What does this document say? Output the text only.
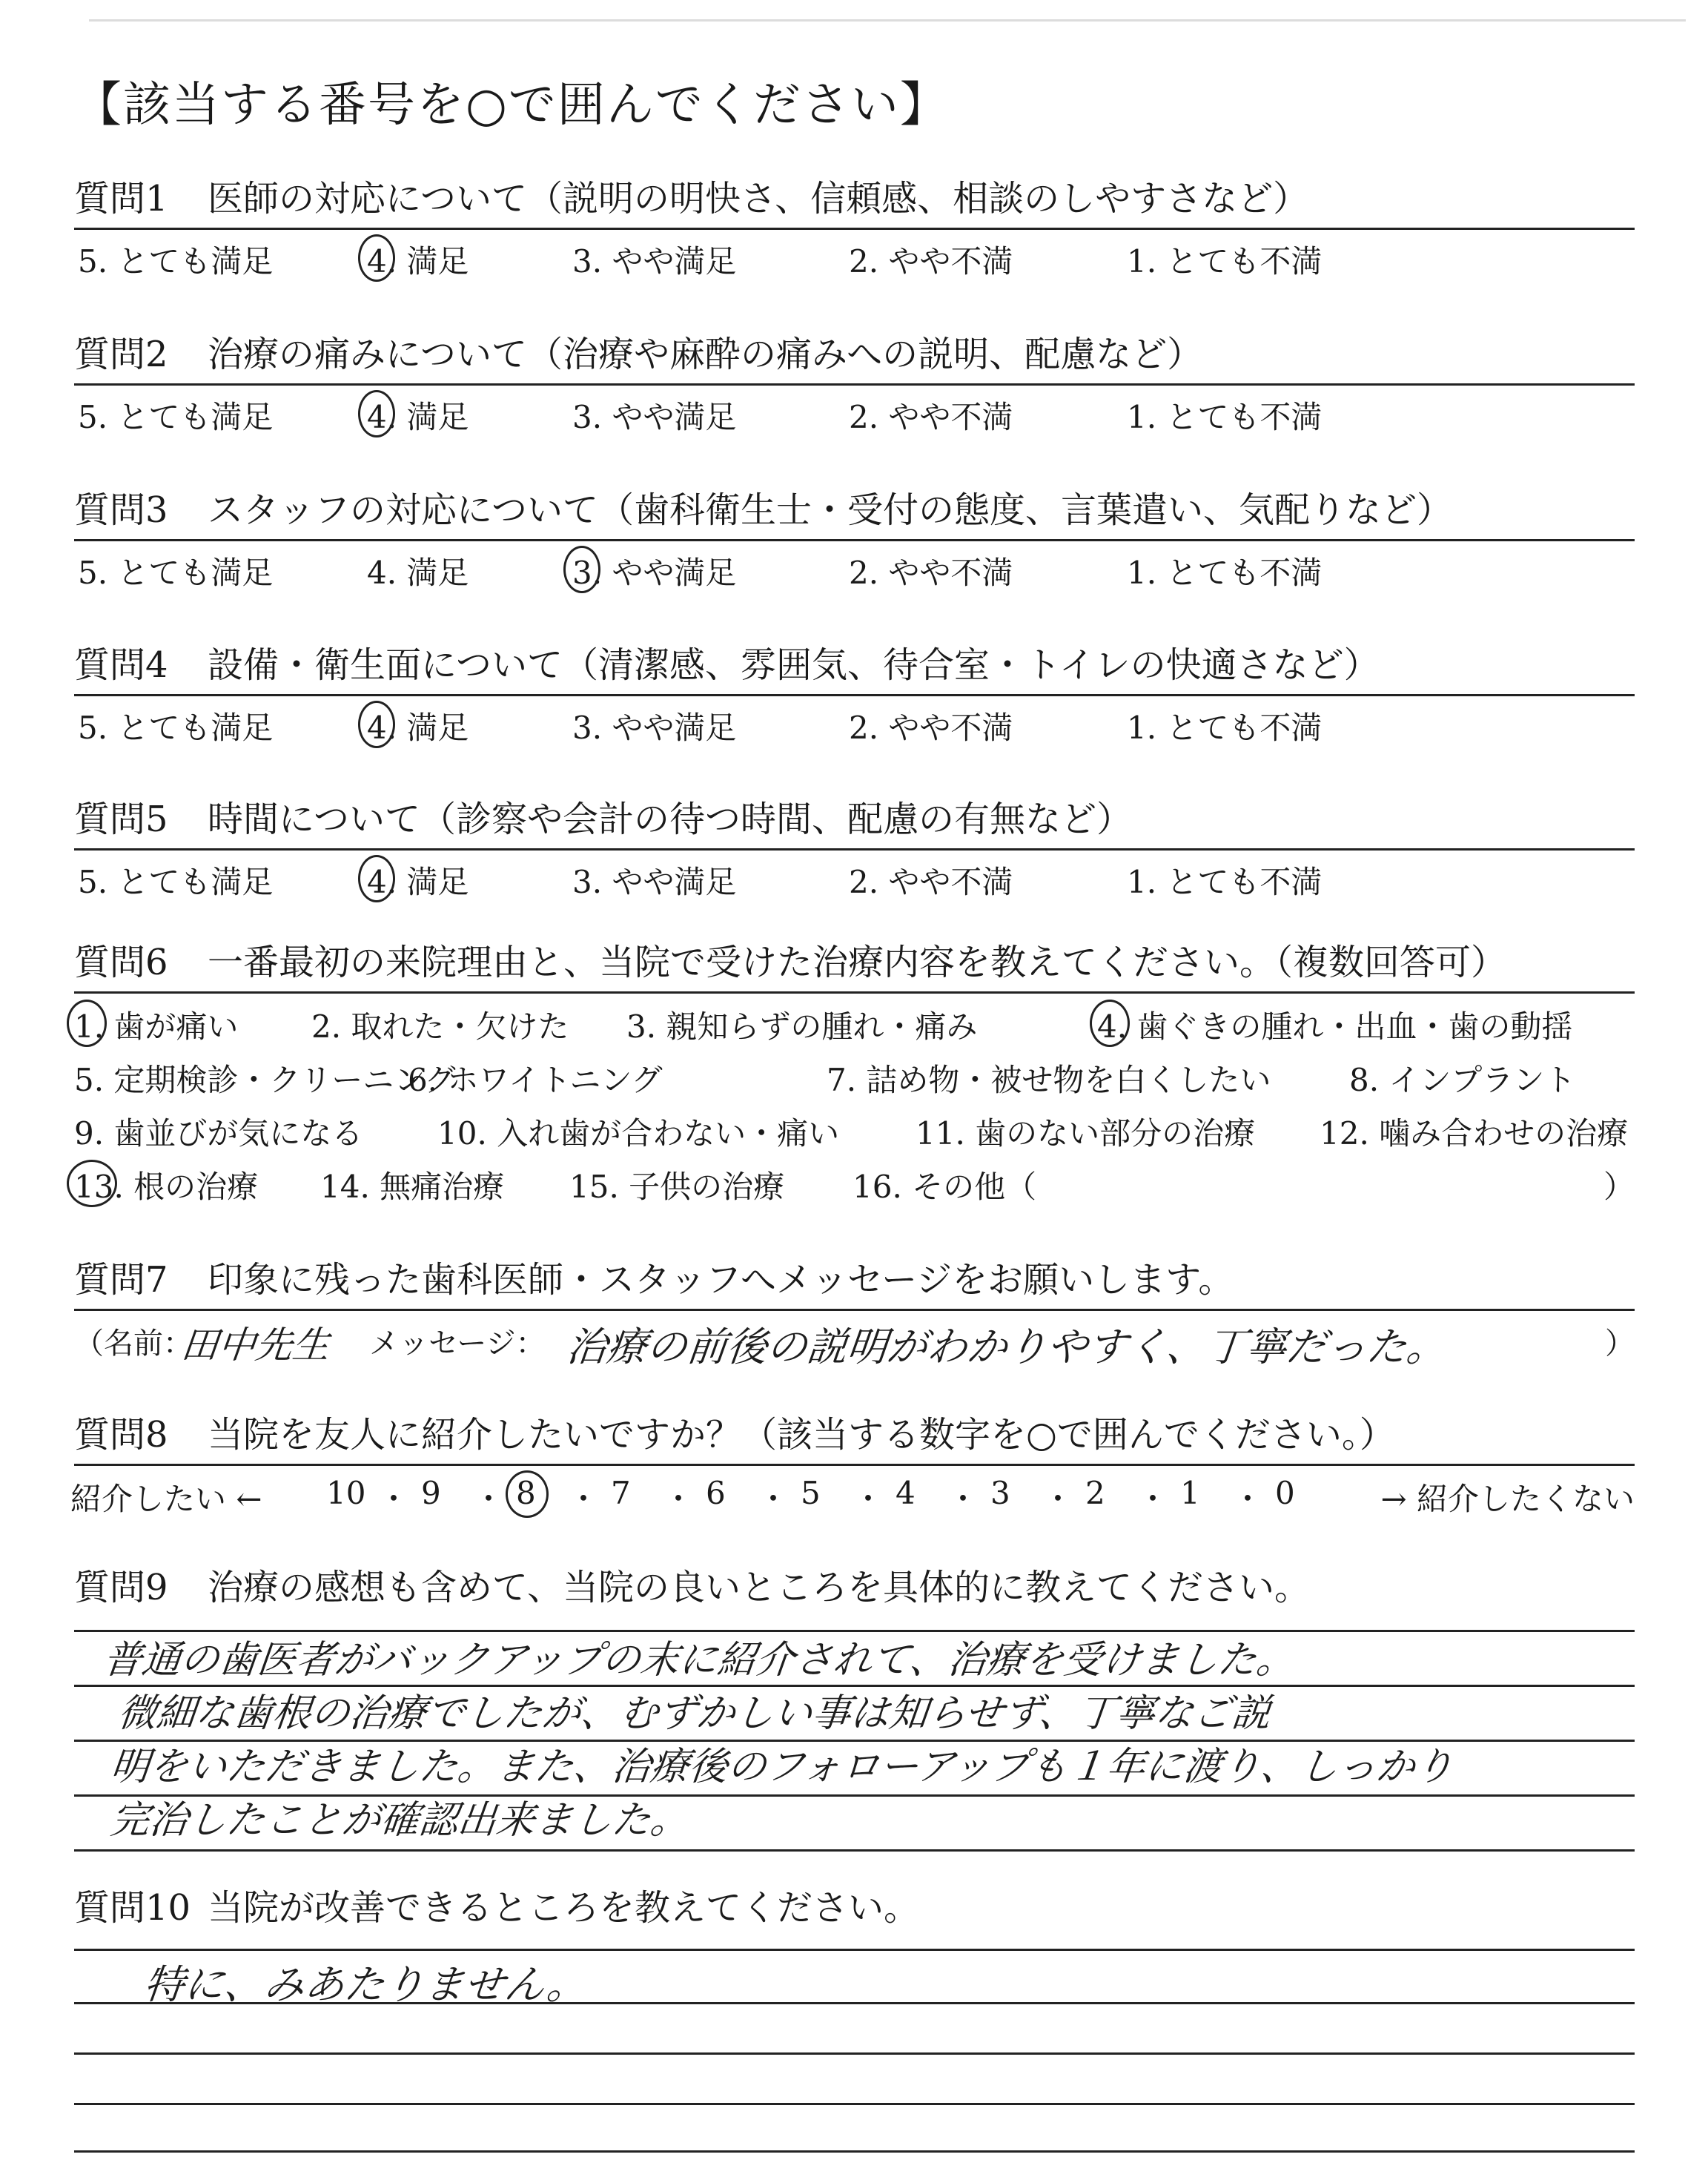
【該当する番号を○で囲んでください】
質問1 医師の対応について（説明の明快さ、信頼感、相談のしやすさなど）
5. とても満足	4. 満足	3. やや満足	2. やや不満	1. とても不満
質問2 治療の痛みについて（治療や麻酔の痛みへの説明、配慮など）
5. とても満足	4. 満足	3. やや満足	2. やや不満	1. とても不満
質問3 スタッフの対応について（歯科衛生士・受付の態度、言葉遣い、気配りなど）
5. とても満足	4. 満足	3. やや満足	2. やや不満	1. とても不満
質問4 設備・衛生面について（清潔感、雰囲気、待合室・トイレの快適さなど）
5. とても満足	4. 満足	3. やや満足	2. やや不満	1. とても不満
質問5 時間について（診察や会計の待つ時間、配慮の有無など）
5. とても満足	4. 満足	3. やや満足	2. やや不満	1. とても不満
質問6 一番最初の来院理由と、当院で受けた治療内容を教えてください。（複数回答可）
1. 歯が痛い 2. 取れた・欠けた 3. 親知らずの腫れ・痛み	4. 歯ぐきの腫れ・出血・歯の動揺
5. 定期検診・クリーニング
6. ホワイトニング	7. 詰め物・被せ物を白くしたい	8. インプラント
9. 歯並びが気になる 10. 入れ歯が合わない・痛い 11. 歯のない部分の治療 12. 噛み合わせの治療
13. 根の治療 14. 無痛治療 15. 子供の治療 16. その他（	）
質問7 印象に残った歯科医師・スタッフへメッセージをお願いします。
（名前：
田中先生 メッセージ： 治療の前後の説明がわかりやすく、丁寧だった。	）
質問8 当院を友人に紹介したいですか？（該当する数字を○で囲んでください。）
紹介したい ←	→ 紹介したくない
10 ・ 9 ・ 8 ・ 7 ・ 6 ・ 5 ・ 4 ・ 3 ・ 2 ・ 1 ・ 0
質問9 治療の感想も含めて、当院の良いところを具体的に教えてください。
普通の歯医者がバックアップの末に紹介されて、治療を受けました。
微細な歯根の治療でしたが、むずかしい事は知らせず、丁寧なご説
明をいただきました。また、治療後のフォローアップも１年に渡り、しっかり
完治したことが確認出来ました。
質問10 当院が改善できるところを教えてください。
特に、みあたりません。
